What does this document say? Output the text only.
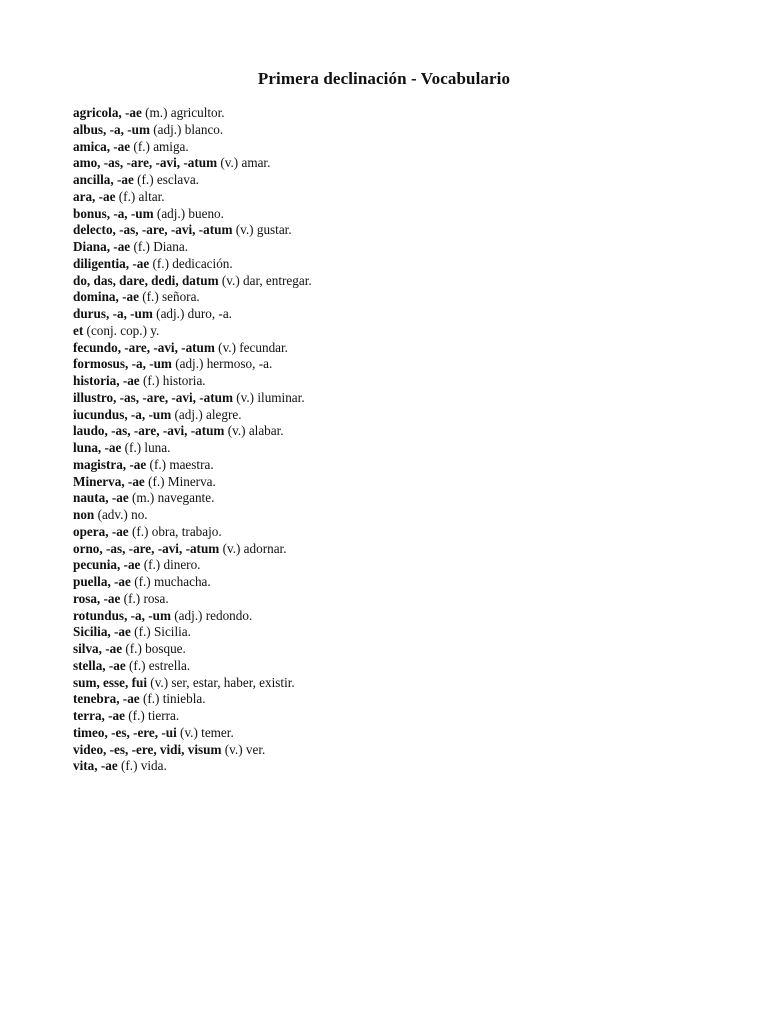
Primera declinación - Vocabulario
agricola, -ae (m.) agricultor.
albus, -a, -um (adj.) blanco.
amica, -ae (f.) amiga.
amo, -as, -are, -avi, -atum (v.) amar.
ancilla, -ae (f.) esclava.
ara, -ae (f.) altar.
bonus, -a, -um (adj.) bueno.
delecto, -as, -are, -avi, -atum (v.) gustar.
Diana, -ae (f.) Diana.
diligentia, -ae (f.) dedicación.
do, das, dare, dedi, datum (v.) dar, entregar.
domina, -ae (f.) señora.
durus, -a, -um (adj.) duro, -a.
et (conj. cop.) y.
fecundo, -are, -avi, -atum (v.) fecundar.
formosus, -a, -um (adj.) hermoso, -a.
historia, -ae (f.) historia.
illustro, -as, -are, -avi, -atum (v.) iluminar.
iucundus, -a, -um (adj.) alegre.
laudo, -as, -are, -avi, -atum (v.) alabar.
luna, -ae (f.) luna.
magistra, -ae (f.) maestra.
Minerva, -ae (f.) Minerva.
nauta, -ae (m.) navegante.
non (adv.) no.
opera, -ae (f.) obra, trabajo.
orno, -as, -are, -avi, -atum (v.) adornar.
pecunia, -ae (f.) dinero.
puella, -ae (f.) muchacha.
rosa, -ae (f.) rosa.
rotundus, -a, -um (adj.) redondo.
Sicilia, -ae (f.) Sicilia.
silva, -ae (f.) bosque.
stella, -ae (f.) estrella.
sum, esse, fui (v.) ser, estar, haber, existir.
tenebra, -ae (f.) tiniebla.
terra, -ae (f.) tierra.
timeo, -es, -ere, -ui (v.) temer.
video, -es, -ere, vidi, visum (v.) ver.
vita, -ae (f.) vida.
